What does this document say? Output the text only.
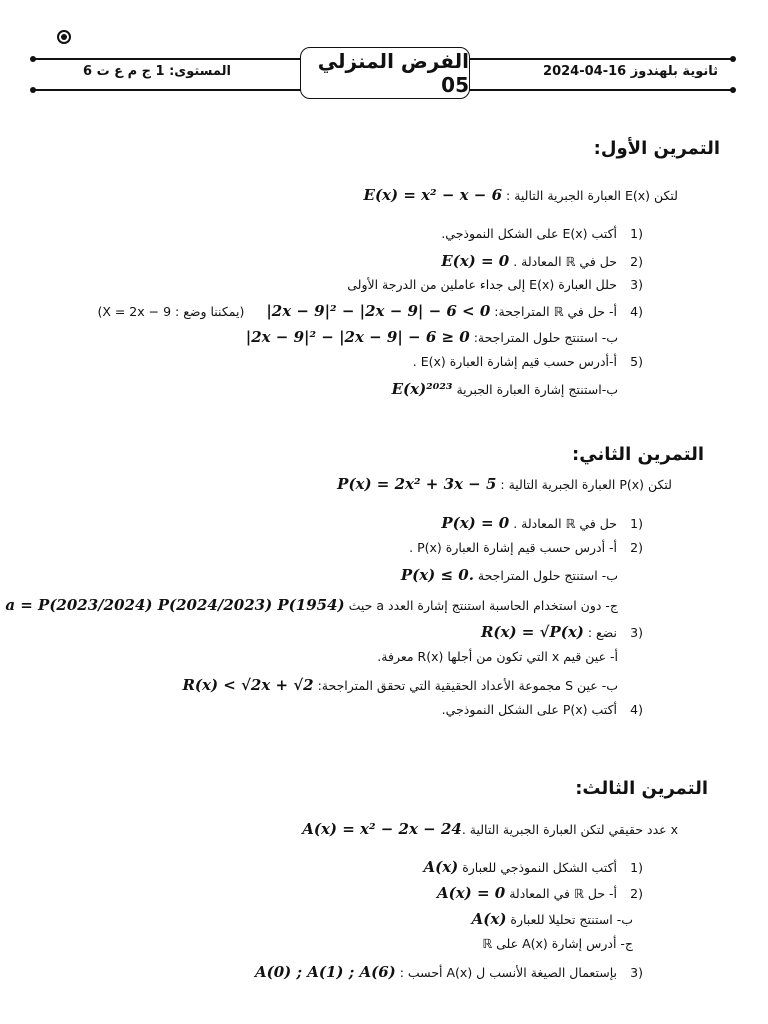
ثانوية بلهندوز 16-04-2024
الفرض المنزلي 05
المستوى: 1 ج م ع ت 6
التمرين الأول:
لتكن E(x) العبارة الجبرية التالية : E(x) = x² − x − 6
1)أكتب E(x) على الشكل النموذجي.
2)حل في ℝ المعادلة . E(x) = 0
3)حلل العبارة E(x) إلى جداء عاملين من الدرجة الأولى
4)أ- حل في ℝ المتراجحة: |2x − 9|² − |2x − 9| − 6 < 0 (يمكننا وضع : X = 2x − 9)
ب- استنتج حلول المتراجحة: |2x − 9|² − |2x − 9| − 6 ≥ 0
5)أ-أدرس حسب قيم إشارة العبارة E(x) .
ب-استنتج إشارة العبارة الجبرية E(x)²⁰²³
التمرين الثاني:
لتكن P(x) العبارة الجبرية التالية : P(x) = 2x² + 3x − 5
1)حل في ℝ المعادلة . P(x) = 0
2)أ- أدرس حسب قيم إشارة العبارة P(x) .
ب- استنتج حلول المتراجحة P(x) ≤ 0.
ج- دون استخدام الحاسبة استنتج إشارة العدد a حيث a = P(2023/2024) P(2024/2023) P(1954)
3)نضع : R(x) = √P(x)
أ- عين قيم x التي تكون من أجلها R(x) معرفة.
ب- عين S مجموعة الأعداد الحقيقية التي تحقق المتراجحة: R(x) < √2x + √2
4)أكتب P(x) على الشكل النموذجي.
التمرين الثالث:
x عدد حقيقي لتكن العبارة الجبرية التالية .A(x) = x² − 2x − 24
1)أكتب الشكل النموذجي للعبارة A(x)
2)أ- حل ℝ في المعادلة A(x) = 0
ب- استنتج تحليلا للعبارة A(x)
ج- أدرس إشارة A(x) على ℝ
3)بإستعمال الصيغة الأنسب ل A(x) أحسب : A(0) ; A(1) ; A(6)
